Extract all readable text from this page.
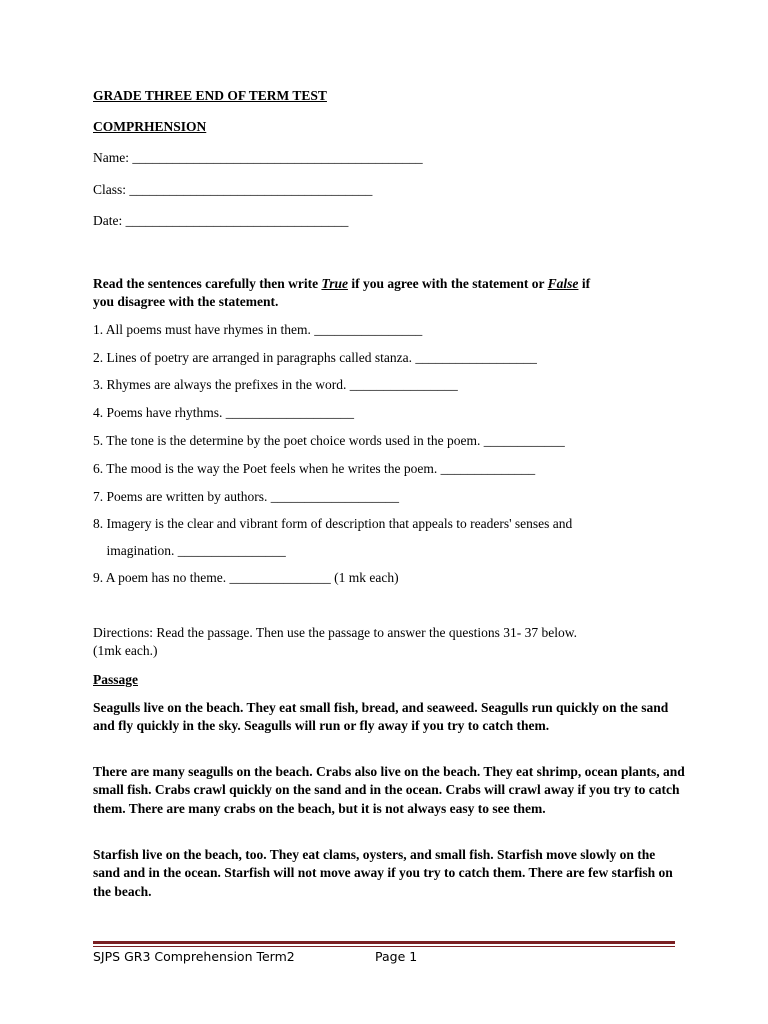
GRADE THREE END OF TERM TEST
COMPRHENSION
Name: ___________________________________________
Class: ____________________________________
Date: _________________________________
Read the sentences carefully then write True if you agree with the statement or False if
you disagree with the statement.
1. All poems must have rhymes in them. ________________
2. Lines of poetry are arranged in paragraphs called stanza. __________________
3. Rhymes are always the prefixes in the word. ________________
4. Poems have rhythms. ___________________
5. The tone is the determine by the poet choice words used in the poem. ____________
6. The mood is the way the Poet feels when he writes the poem. ______________
7. Poems are written by authors. ___________________
8. Imagery is the clear and vibrant form of description that appeals to readers' senses and
imagination. ________________
9. A poem has no theme. _______________ (1 mk each)
Directions: Read the passage. Then use the passage to answer the questions 31- 37 below.
(1mk each.)
Passage
Seagulls live on the beach. They eat small fish, bread, and seaweed. Seagulls run quickly on the sand and fly quickly in the sky. Seagulls will run or fly away if you try to catch them.
There are many seagulls on the beach. Crabs also live on the beach. They eat shrimp, ocean plants, and small fish. Crabs crawl quickly on the sand and in the ocean. Crabs will crawl away if you try to catch them. There are many crabs on the beach, but it is not always easy to see them.
Starfish live on the beach, too. They eat clams, oysters, and small fish. Starfish move slowly on the sand and in the ocean. Starfish will not move away if you try to catch them. There are few starfish on the beach.
SJPS GR3 Comprehension Term2	Page 1
